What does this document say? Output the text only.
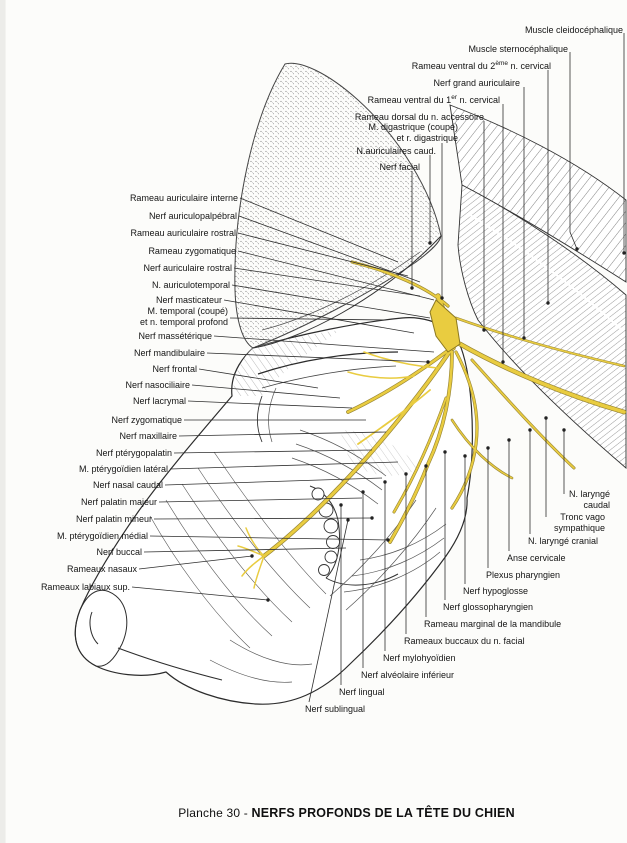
Muscle cleidocéphalique
Muscle sternocéphalique
Rameau ventral du 2ème n. cervical
Nerf grand auriculaire
Rameau ventral du 1er n. cervical
Rameau dorsal du n. accessoire
M. digastrique (coupé)
et r. digastrique
N.auriculaires caud.
Nerf facial
Rameau auriculaire interne
Nerf auriculopalpébral
Rameau auriculaire rostral
Rameau zygomatique
Nerf auriculaire rostral
N. auriculotemporal
Nerf masticateur
M. temporal (coupé)
et n. temporal profond
Nerf massétérique
Nerf mandibulaire
Nerf frontal
Nerf nasociliaire
Nerf lacrymal
Nerf zygomatique
Nerf maxillaire
Nerf ptérygopalatin
M. ptérygoïdien latéral
Nerf nasal caudal
Nerf palatin majeur
Nerf palatin mineur
M. ptérygoïdien médial
Nerf buccal
Rameaux nasaux
Rameaux labiaux sup.
N. laryngé
caudal
Tronc vago
sympathique
N. laryngé cranial
Anse cervicale
Plexus pharyngien
Nerf hypoglosse
Nerf glossopharyngien
Rameau marginal de la mandibule
Rameaux buccaux du n. facial
Nerf mylohyoïdien
Nerf alvéolaire inférieur
Nerf lingual
Nerf sublingual
Planche 30 - NERFS PROFONDS DE LA TÊTE DU CHIEN
